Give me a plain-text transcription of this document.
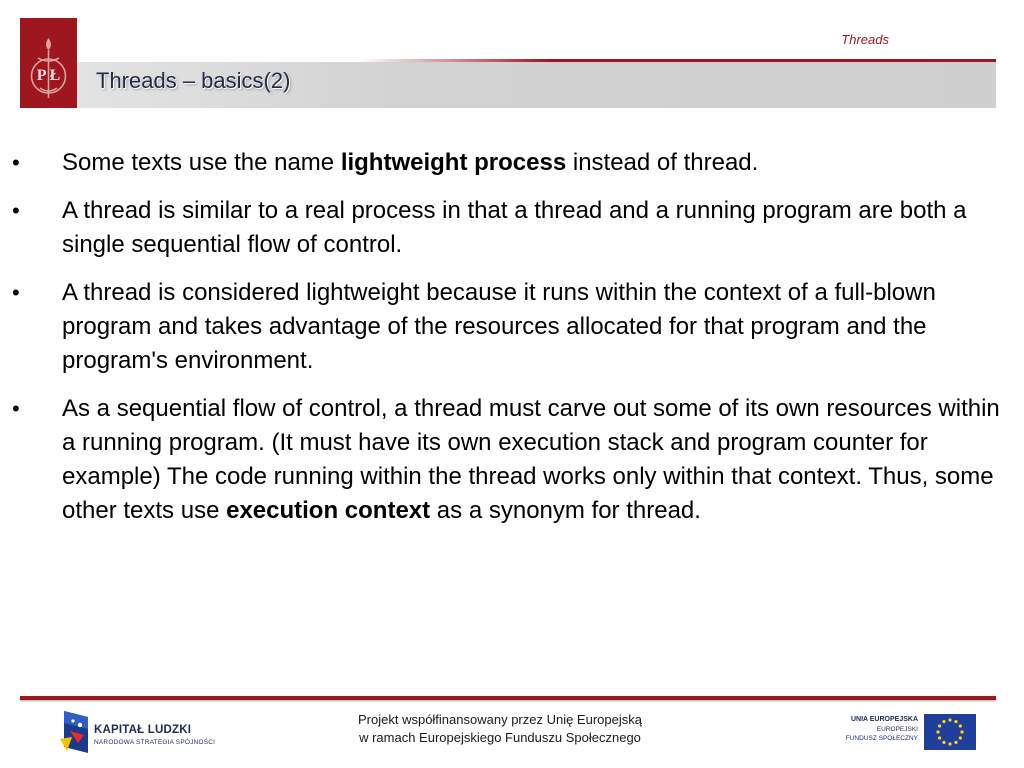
P Ł
Threads
Threads – basics(2)
• Some texts use the name lightweight process instead of thread.
• A thread is similar to a real process in that a thread and a running program are both a single sequential flow of control.
• A thread is considered lightweight because it runs within the context of a full-blown program and takes advantage of the resources allocated for that program and the program's environment.
• As a sequential flow of control, a thread must carve out some of its own resources within a running program. (It must have its own execution stack and program counter for example) The code running within the thread works only within that context. Thus, some other texts use execution context as a synonym for thread.
KAPITAŁ LUDZKI
NARODOWA STRATEGIA SPÓJNOŚCI
Projekt współfinansowany przez Unię Europejską
w ramach Europejskiego Funduszu Społecznego
UNIA EUROPEJSKA
EUROPEJSKI
FUNDUSZ SPOŁECZNY
